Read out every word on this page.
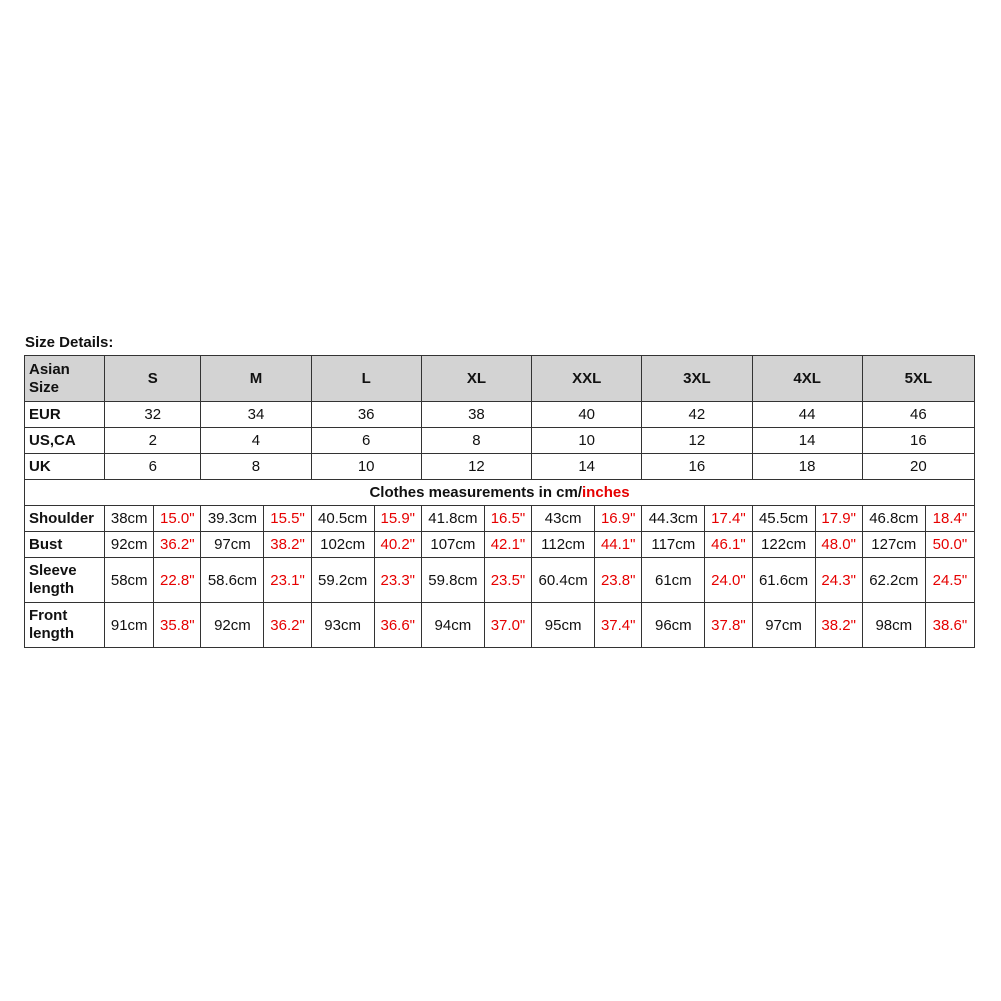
Size Details:
Asian Size	S		M		L		XL		XXL		3XL		4XL		5XL	
EUR	32		34		36		38		40		42		44		46	
US,CA	2		4		6		8		10		12		14		16	
UK	6		8		10		12		14		16		18		20	
Clothes measurements in cm/inches																
Shoulder	38cm	15.0"	39.3cm	15.5"	40.5cm	15.9"	41.8cm	16.5"	43cm	16.9"	44.3cm	17.4"	45.5cm	17.9"	46.8cm	18.4"
Bust	92cm	36.2"	97cm	38.2"	102cm	40.2"	107cm	42.1"	112cm	44.1"	117cm	46.1"	122cm	48.0"	127cm	50.0"
Sleeve length	58cm	22.8"	58.6cm	23.1"	59.2cm	23.3"	59.8cm	23.5"	60.4cm	23.8"	61cm	24.0"	61.6cm	24.3"	62.2cm	24.5"
Front length	91cm	35.8"	92cm	36.2"	93cm	36.6"	94cm	37.0"	95cm	37.4"	96cm	37.8"	97cm	38.2"	98cm	38.6"
